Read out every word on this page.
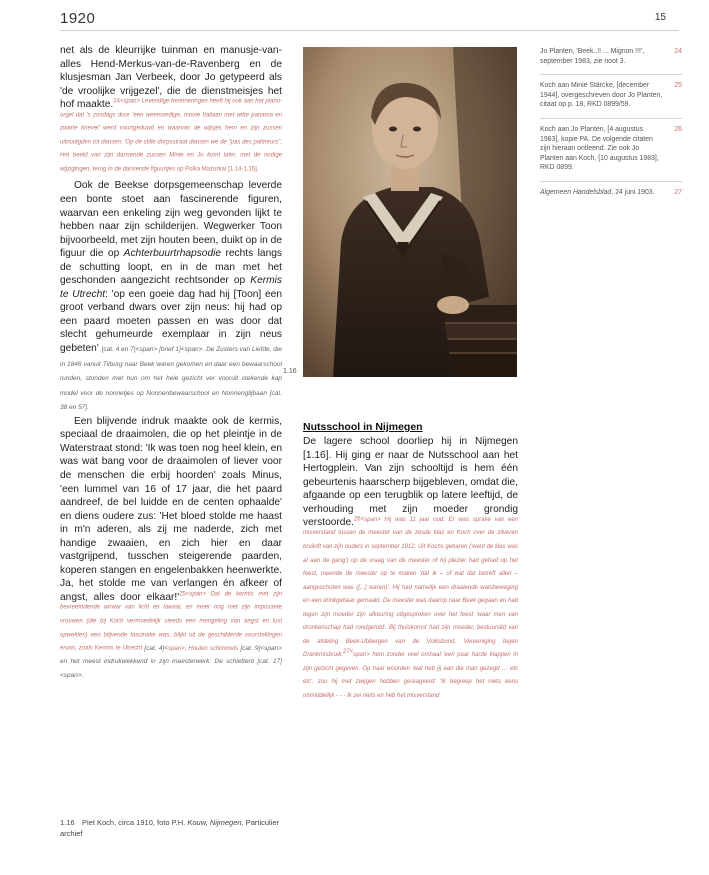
1920	15

net als de kleurrijke tuinman en manusje-van-alles Hend-Merkus-van-de-Ravenberg en de klusjesman Jan Verbeek, door Jo getypeerd als 'de vroolijke vrijgezel', die de dienstmeisjes het hof maakte.24<span> Levendige herinneringen heeft hij ook aan het piano-orgel dat 's zondags door 'een weemoedige, mooie Italiaan met witte panama en zwarte knevel' werd voortgeduwd en waarvan de wijsjes hem en zijn zussen uitnodigden tot dansen: 'Op de stille dorpsstraat dansen we de "pas des patineurs". Het beeld van zijn dansende zussen Minie en Jo komt later, met de nodige wijzigingen, terug in de dansende figuurtjes op Polka Mazurka/ [1.14-1.15].

Ook de Beekse dorpsgemeenschap leverde een bonte stoet aan fascinerende figuren, waarvan een enkeling zijn weg gevonden lijkt te hebben naar zijn schilderijen. Wegwerker Toon bijvoorbeeld, met zijn houten been, duikt op in de figuur die op Achterbuurtrhapsodie rechts langs de schutting loopt, en in de man met het geschonden aangezicht rechtsonder op Kermis te Utrecht: 'op een goeie dag had hij [Toon] een groot verband dwars over zijn neus: hij had op een paard moeten passen en was door dat slecht gehumeurde exemplaar in zijn neus gebeten' [cat. 4 en 7]<span> [brief 1]<span>. De Zusters van Liefde, die in 1846 vanuit Tilburg naar Beek waren gekomen en daar een bewaarschool runden, stonden met hun om het hele gezicht ver vooruit stekende kap model voor de nonnetjes op Nonnenbewaarschool en Nonnenglijbaan [cat. 38 en 57].

Een blijvende indruk maakte ook de kermis, speciaal de draaimolen, die op het pleintje in de Waterstraat stond: 'Ik was toen nog heel klein, en was wat bang voor de draaimolen of liever voor de menschen die erbij hoorden' zoals Minus, 'een lummel van 16 of 17 jaar, die het paard aandreef, de bel luidde en de centen ophaalde' en diens oudere zus: 'Het bloed stolde me haast in m'n aderen, als zij me naderde, zich met handige zwaaien, en zich hier en daar vastgrijpend, tusschen steigerende paarden, koperen stangen en engelenbakken heenwerkte. Ja, het stolde me van verlangen én afkeer of angst, alles door elkaar!'25<span> Dat de kermis met zijn bevreemdende wirwar van licht en lawaai, en meer nog met zijn imposante vrouwen (die bij Koch vermoedelijk steeds een mengeling van angst en lust opwekten) een blijvende fascinatie was, blijkt uit de geschilderde voorstellingen ervan, zoals Kermis te Utrecht [cat. 4]<span>, Houten schimmels [cat. 9]<span> en het meest indrukwekkend in zijn meesterwerk: De schiettent [cat. 17]<span>.

1.16
Nutsschool in Nijmegen

De lagere school doorliep hij in Nijmegen [1.16]. Hij ging er naar de Nutsschool aan het Hertogplein. Van zijn schooltijd is hem één gebeurtenis haarscherp bijgebleven, omdat die, afgaande op een terugblik op latere leeftijd, de verhouding met zijn moeder grondig verstoorde.26<span> Hij was 11 jaar oud. Er was sprake van een misverstand tussen de meester van de zesde klas en Koch over de zilveren bruiloft van zijn ouders in september 1912. Uit Kochs gebaren ('want de klas was al aan de gang') op de vraag van de meester of hij plezier had gehad op het feest, meende de meester op te maken 'dat ik – of wat dat betreft allen – aangeschoten was ([...] waren)'. Hij had namelijk een draaiende walsbeweging en een drinkgebaar gemaakt. De meester was daarop naar Beek gegaan en had tegen zijn moeder zijn afkeuring uitgesproken over het feest 'waar men van dronkenschap had rondgetold'. Bij thuiskomst had zijn moeder, bestuurslid van de afdeling Beek-Ubbergen van de Volksbond, Vereeniging tegen Drankmisbruik,27<span> hem zonder veel omhaal 'een paar harde klappen in zijn gezicht gegeven. Op haar woorden 'wat heb jij aan die man gezegd … etc etc', zou hij met zwijgen hebben gereageerd: 'Ik begreep het niets eens onmiddellijk - - - Ik zei niets en heb het misverstand

Jo Planten, 'Beek..!! ... Mignon !!!', september 1983, zie noot 3.
24
Koch aan Minie Stärcke, [december 1944], overgeschreven door Jo Planten, citaat op p. 18, RKD 0899/59.
25
Koch aan Jo Planten, [4 augustus 1983], kopie PA. De volgende citaten zijn hieraan ontleend. Zie ook Jo Planten aan Koch, [10 augustus 1983], RKD 0899.
26
Algemeen Handelsblad, 24 juni 1903.	27
1.16 Piet Koch, circa 1910, foto P.H. Kouw, Nijmegen, Particulier archief
